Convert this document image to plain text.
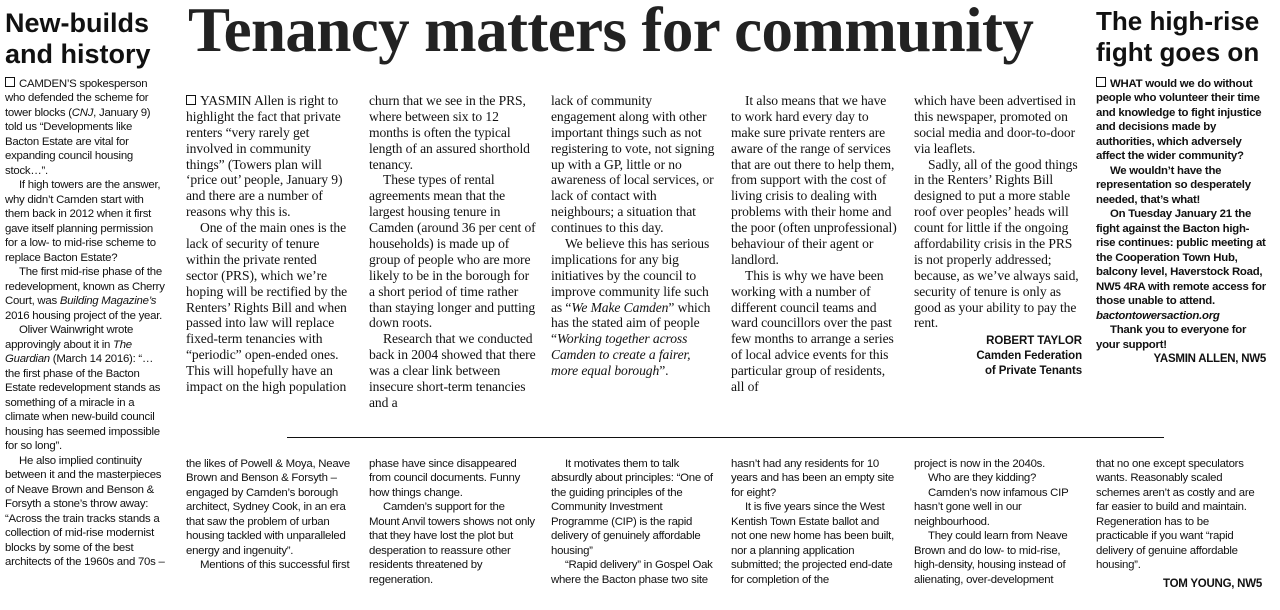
New-builds
and history

CAMDEN’S spokesperson who defended the scheme for tower blocks (CNJ, January 9) told us “Developments like Bacton Estate are vital for expanding council housing stock…”.

If high towers are the answer, why didn’t Camden start with them back in 2012 when it first gave itself planning permission for a low- to mid-rise scheme to replace Bacton Estate?

The first mid-rise phase of the redevelopment, known as Cherry Court, was Building Magazine’s 2016 housing project of the year.

Oliver Wainwright wrote approvingly about it in The Guardian (March 14 2016): “…the first phase of the Bacton Estate redevelopment stands as something of a miracle in a climate when new-build council housing has seemed impossible for so long”.

He also implied continuity between it and the masterpieces of Neave Brown and Benson & Forsyth a stone’s throw away: “Across the train tracks stands a collection of mid-rise modernist blocks by some of the best architects of the 1960s and 70s –

Tenancy matters for community

YASMIN Allen is right to highlight the fact that private renters “very rarely get involved in community things” (Towers plan will ‘price out’ people, January 9) and there are a number of reasons why this is.

One of the main ones is the lack of security of tenure within the private rented sector (PRS), which we’re hoping will be rectified by the Renters’ Rights Bill and when passed into law will replace fixed-term tenancies with “periodic” open-ended ones. This will hopefully have an impact on the high population

churn that we see in the PRS, where between six to 12 months is often the typical length of an assured shorthold tenancy.

These types of rental agreements mean that the largest housing tenure in Camden (around 36 per cent of households) is made up of group of people who are more likely to be in the borough for a short period of time rather than staying longer and putting down roots.

Research that we conducted back in 2004 showed that there was a clear link between insecure short-term tenancies and a

lack of community engagement along with other important things such as not registering to vote, not signing up with a GP, little or no awareness of local services, or lack of contact with neighbours; a situation that continues to this day.

We believe this has serious implications for any big initiatives by the council to improve community life such as “We Make Camden” which has the stated aim of people “Working together across Camden to create a fairer, more equal borough”.

It also means that we have to work hard every day to make sure private renters are aware of the range of services that are out there to help them, from support with the cost of living crisis to dealing with problems with their home and the poor (often unprofessional) behaviour of their agent or landlord.

This is why we have been working with a number of different council teams and ward councillors over the past few months to arrange a series of local advice events for this particular group of residents, all of

which have been advertised in this newspaper, promoted on social media and door-to-door via leaflets.

Sadly, all of the good things in the Renters’ Rights Bill designed to put a more stable roof over peoples’ heads will count for little if the ongoing affordability crisis in the PRS is not properly addressed; because, as we’ve always said, security of tenure is only as good as your ability to pay the rent.

ROBERT TAYLOR
Camden Federation
of Private Tenants

the likes of Powell & Moya, Neave Brown and Benson & Forsyth – engaged by Camden’s borough architect, Sydney Cook, in an era that saw the problem of urban housing tackled with unparalleled energy and ingenuity”.

Mentions of this successful first

phase have since disappeared from council documents. Funny how things change.

Camden’s support for the Mount Anvil towers shows not only that they have lost the plot but desperation to reassure other residents threatened by regeneration.

It motivates them to talk absurdly about principles: “One of the guiding principles of the Community Investment Programme (CIP) is the rapid delivery of genuinely affordable housing”

“Rapid delivery” in Gospel Oak where the Bacton phase two site

hasn’t had any residents for 10 years and has been an empty site for eight?

It is five years since the West Kentish Town Estate ballot and not one new home has been built, nor a planning application submitted; the projected end-date for completion of the

project is now in the 2040s.

Who are they kidding?

Camden’s now infamous CIP hasn’t gone well in our neighbourhood.

They could learn from Neave Brown and do low- to mid-rise, high-density, housing instead of alienating, over-development

that no one except speculators wants. Reasonably scaled schemes aren’t as costly and are far easier to build and maintain. Regeneration has to be practicable if you want “rapid delivery of genuine affordable housing”.

TOM YOUNG, NW5
The high-rise
fight goes on

WHAT would we do without people who volunteer their time and knowledge to fight injustice and decisions made by authorities, which adversely affect the wider community?

We wouldn’t have the representation so desperately needed, that’s what!

On Tuesday January 21 the fight against the Bacton high-rise continues: public meeting at the Cooperation Town Hub, balcony level, Haverstock Road, NW5 4RA with remote access for those unable to attend.

bactontowersaction.org

Thank you to everyone for your support!

YASMIN ALLEN, NW5
